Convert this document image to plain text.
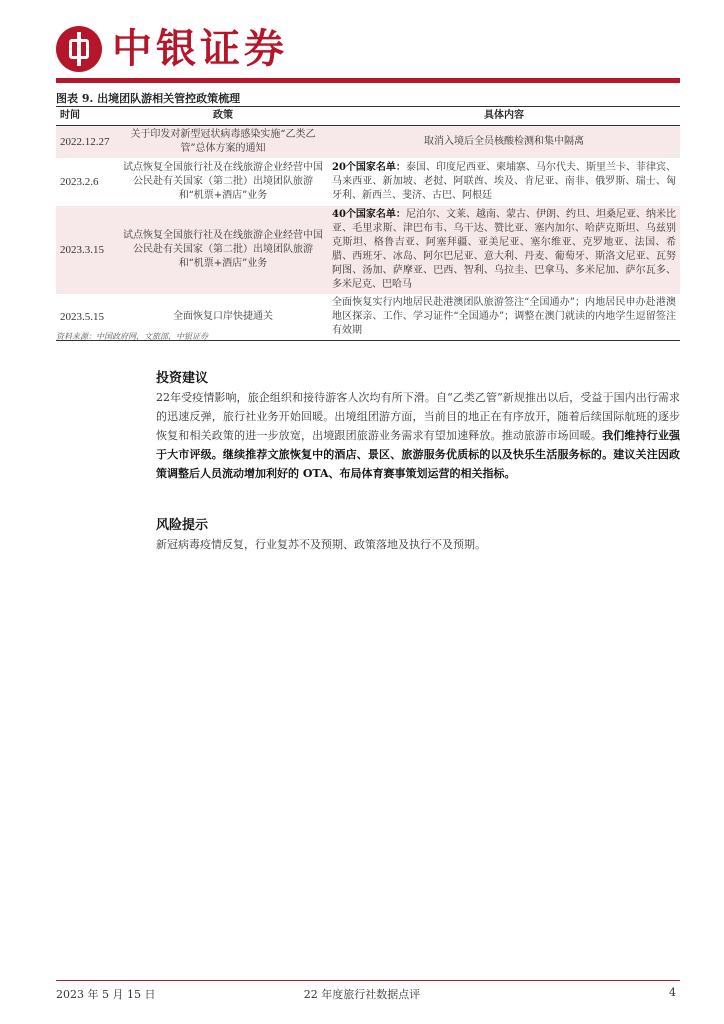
中银证券
图表 9. 出境团队游相关管控政策梳理
时间	政策	具体内容
2022.12.27	关于印发对新型冠状病毒感染实施“乙类乙管”总体方案的通知	取消入境后全员核酸检测和集中隔离
2023.2.6	试点恢复全国旅行社及在线旅游企业经营中国公民赴有关国家（第二批）出境团队旅游和“机票+酒店”业务	20个国家名单：泰国、印度尼西亚、柬埔寨、马尔代夫、斯里兰卡、菲律宾、马来西亚、新加坡、老挝、阿联酋、埃及、肯尼亚、南非、俄罗斯、瑞士、匈牙利、新西兰、斐济、古巴、阿根廷
2023.3.15	试点恢复全国旅行社及在线旅游企业经营中国公民赴有关国家（第二批）出境团队旅游和“机票+酒店”业务	40个国家名单：尼泊尔、文莱、越南、蒙古、伊朗、约旦、坦桑尼亚、纳米比亚、毛里求斯、津巴布韦、乌干达、赞比亚、塞内加尔、哈萨克斯坦、乌兹别克斯坦、格鲁吉亚、阿塞拜疆、亚美尼亚、塞尔维亚、克罗地亚、法国、希腊、西班牙、冰岛、阿尔巴尼亚、意大利、丹麦、葡萄牙、斯洛文尼亚、瓦努阿图、汤加、萨摩亚、巴西、智利、乌拉圭、巴拿马、多米尼加、萨尔瓦多、多米尼克、巴哈马
2023.5.15	全面恢复口岸快捷通关	全面恢复实行内地居民赴港澳团队旅游签注“全国通办”；内地居民申办赴港澳地区探亲、工作、学习证件“全国通办”；调整在澳门就读的内地学生逗留签注有效期
资料来源：中国政府网，文旅部，中银证券
投资建议
22年受疫情影响，旅企组织和接待游客人次均有所下滑。自“乙类乙管”新规推出以后，受益于国内出行需求的迅速反弹，旅行社业务开始回暖。出境组团游方面，当前目的地正在有序放开，随着后续国际航班的逐步恢复和相关政策的进一步放宽，出境跟团旅游业务需求有望加速释放。推动旅游市场回暖。我们维持行业强于大市评级。继续推荐文旅恢复中的酒店、景区、旅游服务优质标的以及快乐生活服务标的。建议关注因政策调整后人员流动增加利好的 OTA、布局体育赛事策划运营的相关指标。
风险提示
新冠病毒疫情反复，行业复苏不及预期、政策落地及执行不及预期。
2023 年 5 月 15 日	22 年度旅行社数据点评	4
